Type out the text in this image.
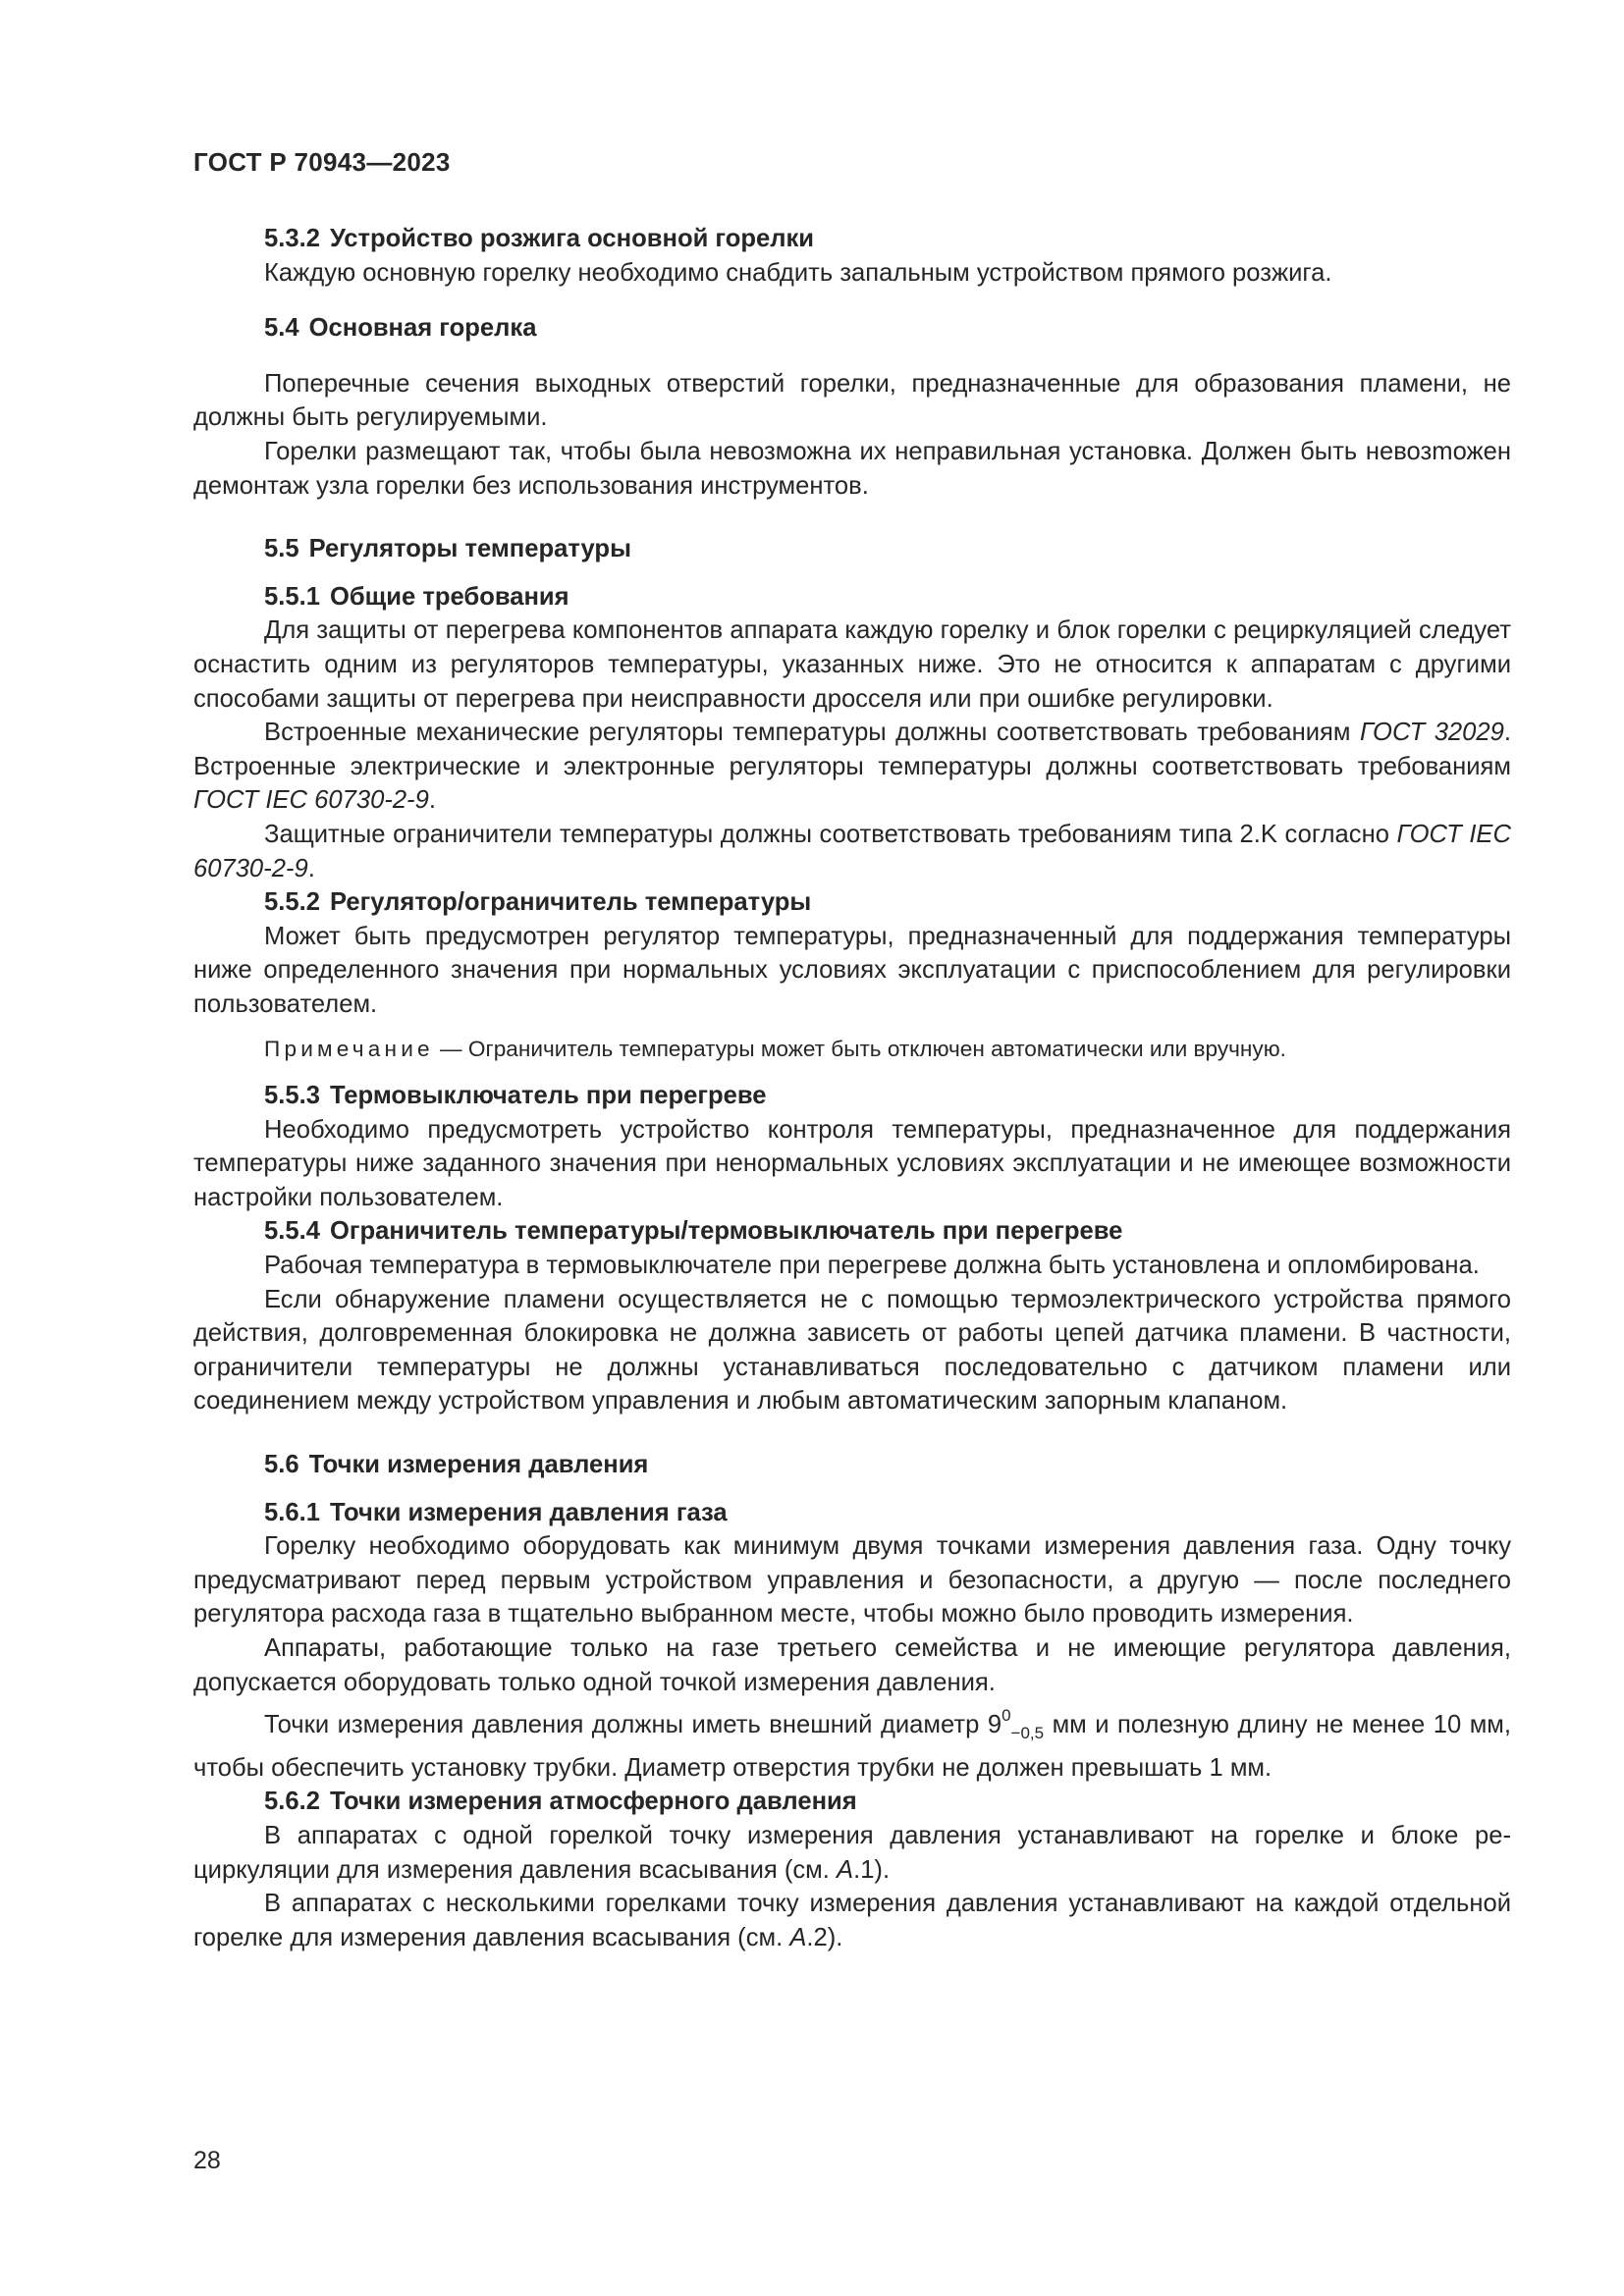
ГОСТ Р 70943—2023
5.3.2 Устройство розжига основной горелки
Каждую основную горелку необходимо снабдить запальным устройством прямого розжига.
5.4 Основная горелка
Поперечные сечения выходных отверстий горелки, предназначенные для образования пламени, не должны быть регулируемыми.
Горелки размещают так, чтобы была невозможна их неправильная установка. Должен быть невозmожен демонтаж узла горелки без использования инструментов.
5.5 Регуляторы температуры
5.5.1 Общие требования
Для защиты от перегрева компонентов аппарата каждую горелку и блок горелки с рециркуляцией следует оснастить одним из регуляторов температуры, указанных ниже. Это не относится к аппаратам с другими способами защиты от перегрева при неисправности дросселя или при ошибке регулировки.
Встроенные механические регуляторы температуры должны соответствовать требованиям ГОСТ 32029. Встроенные электрические и электронные регуляторы температуры должны соответствовать требованиям ГОСТ IEC 60730-2-9.
Защитные ограничители температуры должны соответствовать требованиям типа 2.K согласно ГОСТ IEC 60730-2-9.
5.5.2 Регулятор/ограничитель температуры
Может быть предусмотрен регулятор температуры, предназначенный для поддержания температуры ниже определенного значения при нормальных условиях эксплуатации с приспособлением для регулировки пользователем.
Примечание — Ограничитель температуры может быть отключен автоматически или вручную.
5.5.3 Термовыключатель при перегреве
Необходимо предусмотреть устройство контроля температуры, предназначенное для поддержания температуры ниже заданного значения при ненормальных условиях эксплуатации и не имеющее возможности настройки пользователем.
5.5.4 Ограничитель температуры/термовыключатель при перегреве
Рабочая температура в термовыключателе при перегреве должна быть установлена и опломбирована.
Если обнаружение пламени осуществляется не с помощью термоэлектрического устройства прямого действия, долговременная блокировка не должна зависеть от работы цепей датчика пламени. В частности, ограничители температуры не должны устанавливаться последовательно с датчиком пламени или соединением между устройством управления и любым автоматическим запорным клапаном.
5.6 Точки измерения давления
5.6.1 Точки измерения давления газа
Горелку необходимо оборудовать как минимум двумя точками измерения давления газа. Одну точку предусматривают перед первым устройством управления и безопасности, а другую — после последнего регулятора расхода газа в тщательно выбранном месте, чтобы можно было проводить измерения.
Аппараты, работающие только на газе третьего семейства и не имеющие регулятора давления, допускается оборудовать только одной точкой измерения давления.
Точки измерения давления должны иметь внешний диаметр $9^0_{-0,5}$ мм и полезную длину не менее 10 мм, чтобы обеспечить установку трубки. Диаметр отверстия трубки не должен превышать 1 мм.
5.6.2 Точки измерения атмосферного давления
В аппаратах с одной горелкой точку измерения давления устанавливают на горелке и блоке рециркуляции для измерения давления всасывания (см. А.1).
В аппаратах с несколькими горелками точку измерения давления устанавливают на каждой отдельной горелке для измерения давления всасывания (см. А.2).
28
